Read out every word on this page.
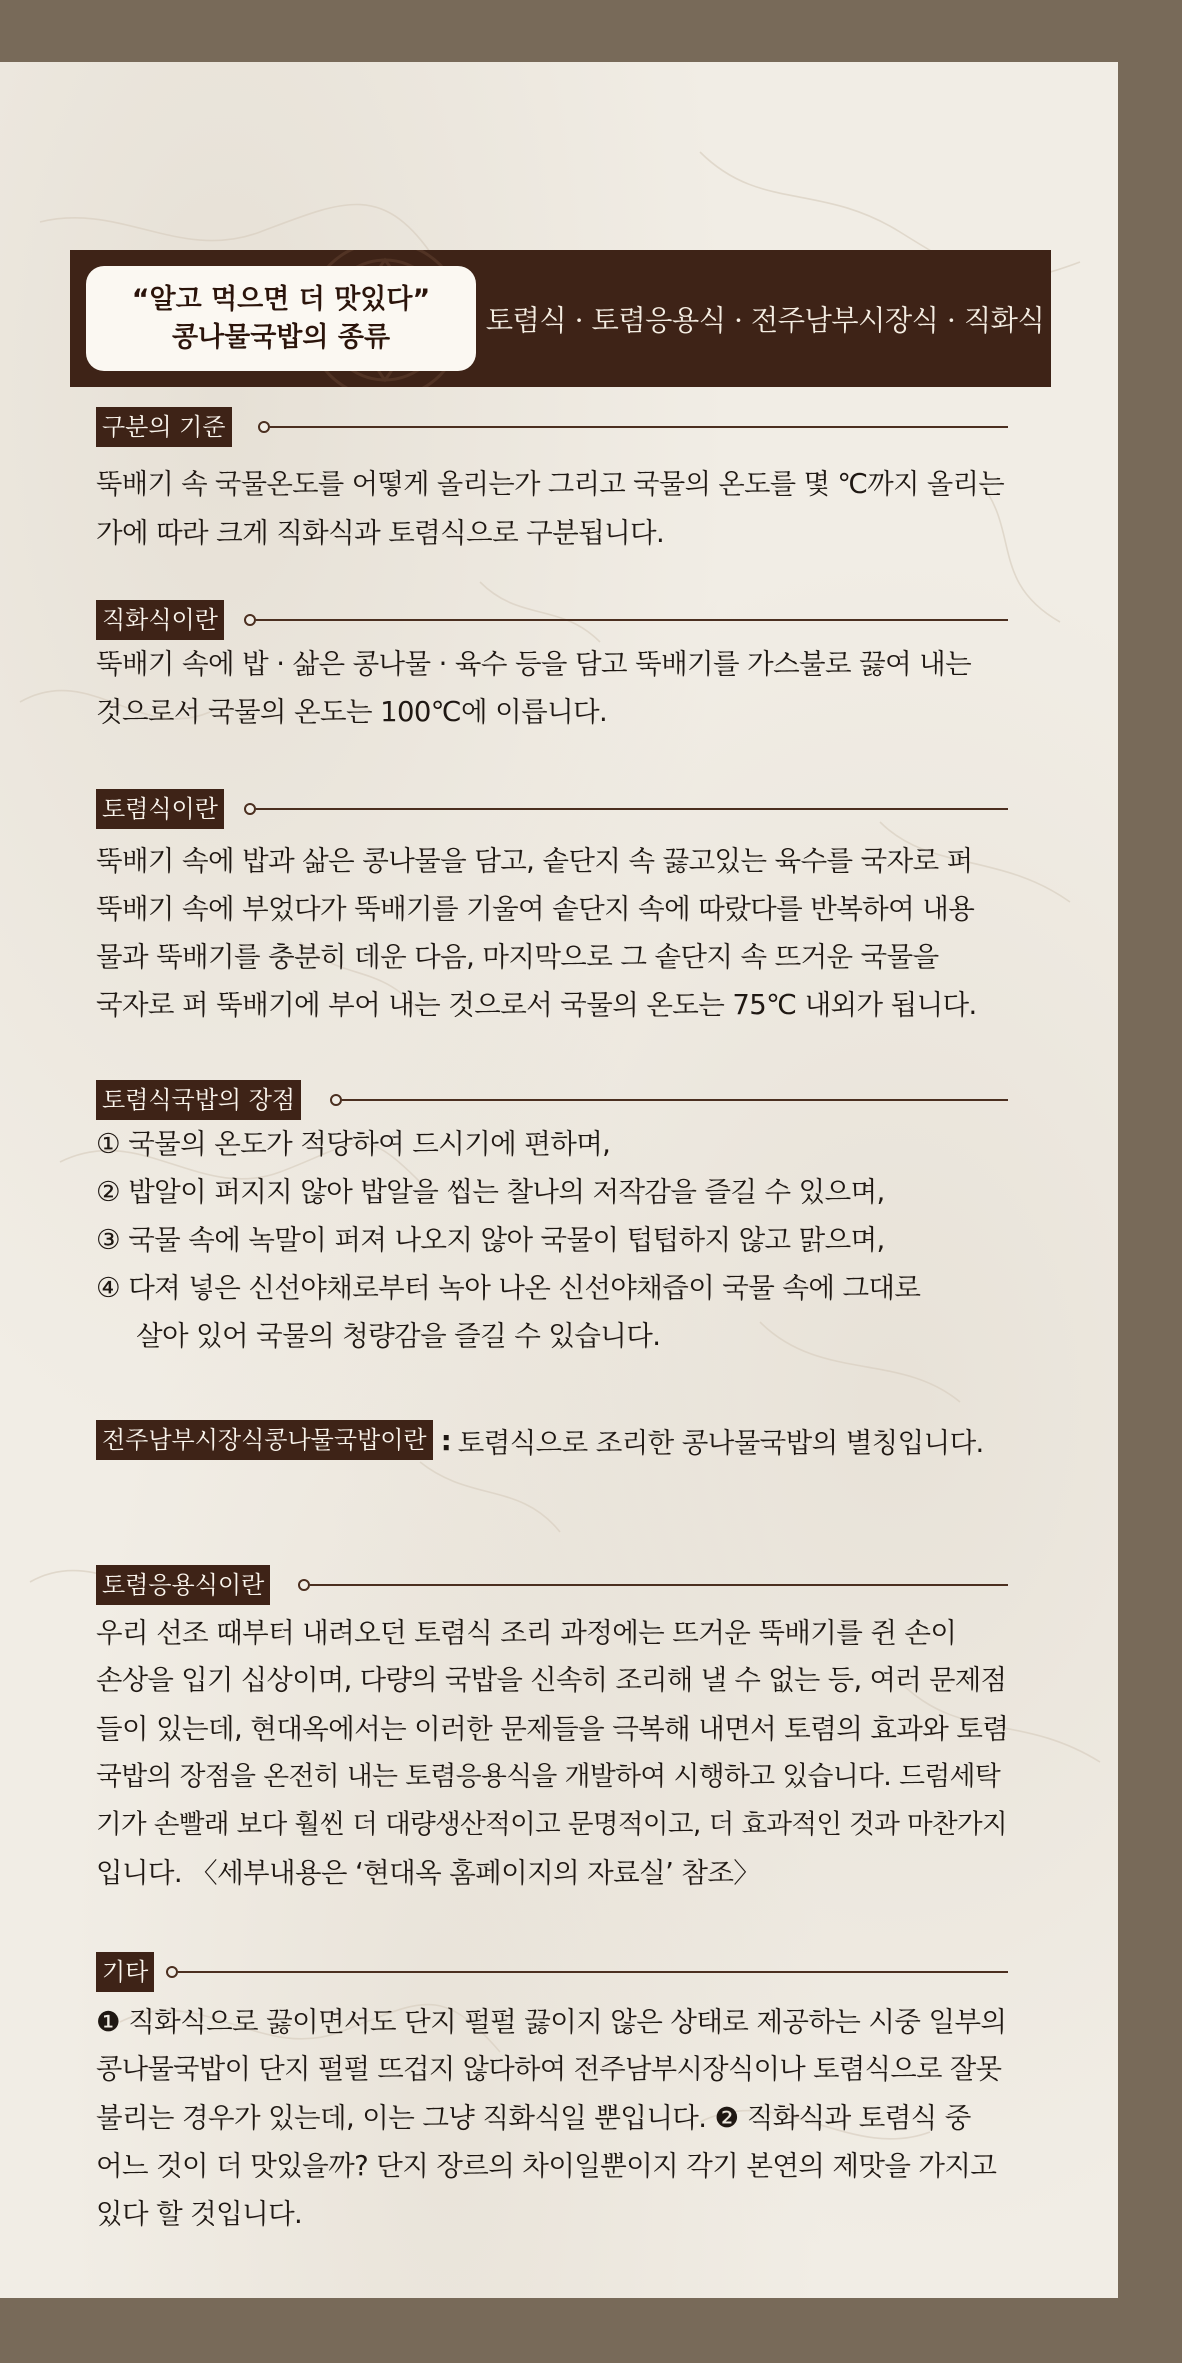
“알고 먹으면 더 맛있다”
콩나물국밥의 종류	토렴식 · 토렴응용식 · 전주남부시장식 · 직화식
구분의 기준

뚝배기 속 국물온도를 어떻게 올리는가 그리고 국물의 온도를 몇 ℃까지 올리는
가에 따라 크게 직화식과 토렴식으로 구분됩니다.

직화식이란

뚝배기 속에 밥 · 삶은 콩나물 · 육수 등을 담고 뚝배기를 가스불로 끓여 내는
것으로서 국물의 온도는 100℃에 이릅니다.

토렴식이란

뚝배기 속에 밥과 삶은 콩나물을 담고, 솥단지 속 끓고있는 육수를 국자로 퍼
뚝배기 속에 부었다가 뚝배기를 기울여 솥단지 속에 따랐다를 반복하여 내용
물과 뚝배기를 충분히 데운 다음, 마지막으로 그 솥단지 속 뜨거운 국물을
국자로 퍼 뚝배기에 부어 내는 것으로서 국물의 온도는 75℃ 내외가 됩니다.

토렴식국밥의 장점
① 국물의 온도가 적당하여 드시기에 편하며,
② 밥알이 퍼지지 않아 밥알을 씹는 찰나의 저작감을 즐길 수 있으며,
③ 국물 속에 녹말이 퍼져 나오지 않아 국물이 텁텁하지 않고 맑으며,
④ 다져 넣은 신선야채로부터 녹아 나온 신선야채즙이 국물 속에 그대로
살아 있어 국물의 청량감을 즐길 수 있습니다.
전주남부시장식콩나물국밥이란 : 토렴식으로 조리한 콩나물국밥의 별칭입니다.
토렴응용식이란

우리 선조 때부터 내려오던 토렴식 조리 과정에는 뜨거운 뚝배기를 쥔 손이
손상을 입기 십상이며, 다량의 국밥을 신속히 조리해 낼 수 없는 등, 여러 문제점
들이 있는데, 현대옥에서는 이러한 문제들을 극복해 내면서 토렴의 효과와 토렴
국밥의 장점을 온전히 내는 토렴응용식을 개발하여 시행하고 있습니다. 드럼세탁
기가 손빨래 보다 훨씬 더 대량생산적이고 문명적이고, 더 효과적인 것과 마찬가지
입니다. 〈세부내용은 ‘현대옥 홈페이지의 자료실’ 참조〉

기타

❶ 직화식으로 끓이면서도 단지 펄펄 끓이지 않은 상태로 제공하는 시중 일부의
콩나물국밥이 단지 펄펄 뜨겁지 않다하여 전주남부시장식이나 토렴식으로 잘못
불리는 경우가 있는데, 이는 그냥 직화식일 뿐입니다. ❷ 직화식과 토렴식 중
어느 것이 더 맛있을까? 단지 장르의 차이일뿐이지 각기 본연의 제맛을 가지고
있다 할 것입니다.
